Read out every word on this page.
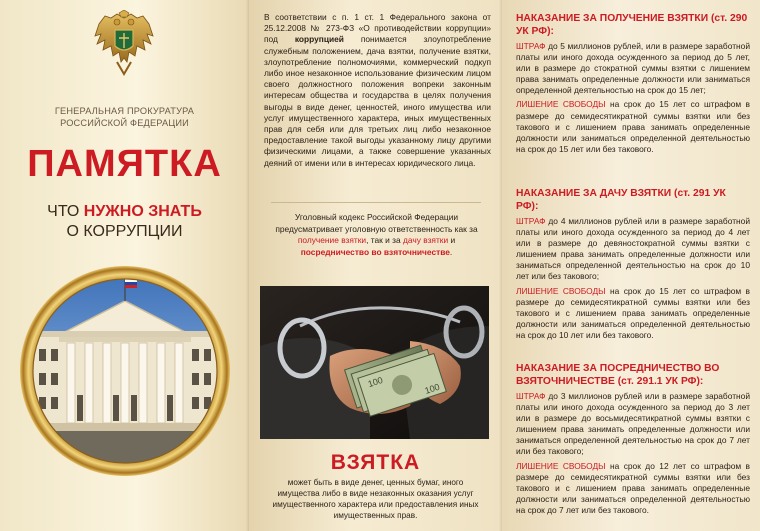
ГЕНЕРАЛЬНАЯ ПРОКУРАТУРА
РОССИЙСКОЙ ФЕДЕРАЦИИ
ПАМЯТКА
ЧТО НУЖНО ЗНАТЬ
О КОРРУПЦИИ
В соответствии с п. 1 ст. 1 Федерального закона от 25.12.2008 № 273-ФЗ «О противодействии коррупции» под коррупцией понимается злоупотребление служебным положением, дача взятки, получение взятки, злоупотребление полномочиями, коммерческий подкуп либо иное незаконное использование физическим лицом своего должностного положения вопреки законным интересам общества и государства в целях получения выгоды в виде денег, ценностей, иного имущества или услуг имущественного характера, иных имущественных прав для себя или для третьих лиц либо незаконное предоставление такой выгоды указанному лицу другими физическими лицами, а также совершение указанных деяний от имени или в интересах юридического лица.
Уголовный кодекс Российской Федерации предусматривает уголовную ответственность как за получение взятки, так и за дачу взятки и посредничество во взяточничестве.
100	100
ВЗЯТКА
может быть в виде денег, ценных бумаг, иного имущества либо в виде незаконных оказания услуг имущественного характера или предоставления иных имущественных прав.
НАКАЗАНИЕ ЗА ПОЛУЧЕНИЕ ВЗЯТКИ (ст. 290 УК РФ):
ШТРАФ до 5 миллионов рублей, или в размере заработной платы или иного дохода осужденного за период до 5 лет, или в размере до стократной суммы взятки с лишением права занимать определенные должности или заниматься определенной деятельностью на срок до 15 лет;
ЛИШЕНИЕ СВОБОДЫ на срок до 15 лет со штрафом в размере до семидесятикратной суммы взятки или без такового и с лишением права занимать определенные должности или заниматься определенной деятельностью на срок до 15 лет или без такового.
НАКАЗАНИЕ ЗА ДАЧУ ВЗЯТКИ (ст. 291 УК РФ):
ШТРАФ до 4 миллионов рублей или в размере заработной платы или иного дохода осужденного за период до 4 лет или в размере до девяностократной суммы взятки с лишением права занимать определенные должности или заниматься определенной деятельностью на срок до 10 лет или без такового;
ЛИШЕНИЕ СВОБОДЫ на срок до 15 лет со штрафом в размере до семидесятикратной суммы взятки или без такового и с лишением права занимать определенные должности или заниматься определенной деятельностью на срок до 10 лет или без такового.
НАКАЗАНИЕ ЗА ПОСРЕДНИЧЕСТВО ВО ВЗЯТОЧНИЧЕСТВЕ (ст. 291.1 УК РФ):
ШТРАФ до 3 миллионов рублей или в размере заработной платы или иного дохода осужденного за период до 3 лет или в размере до восьмидесятикратной суммы взятки с лишением права занимать определенные должности или заниматься определенной деятельностью на срок до 7 лет или без такового;
ЛИШЕНИЕ СВОБОДЫ на срок до 12 лет со штрафом в размере до семидесятикратной суммы взятки или без такового и с лишением права занимать определенные должности или заниматься определенной деятельностью на срок до 7 лет или без такового.
